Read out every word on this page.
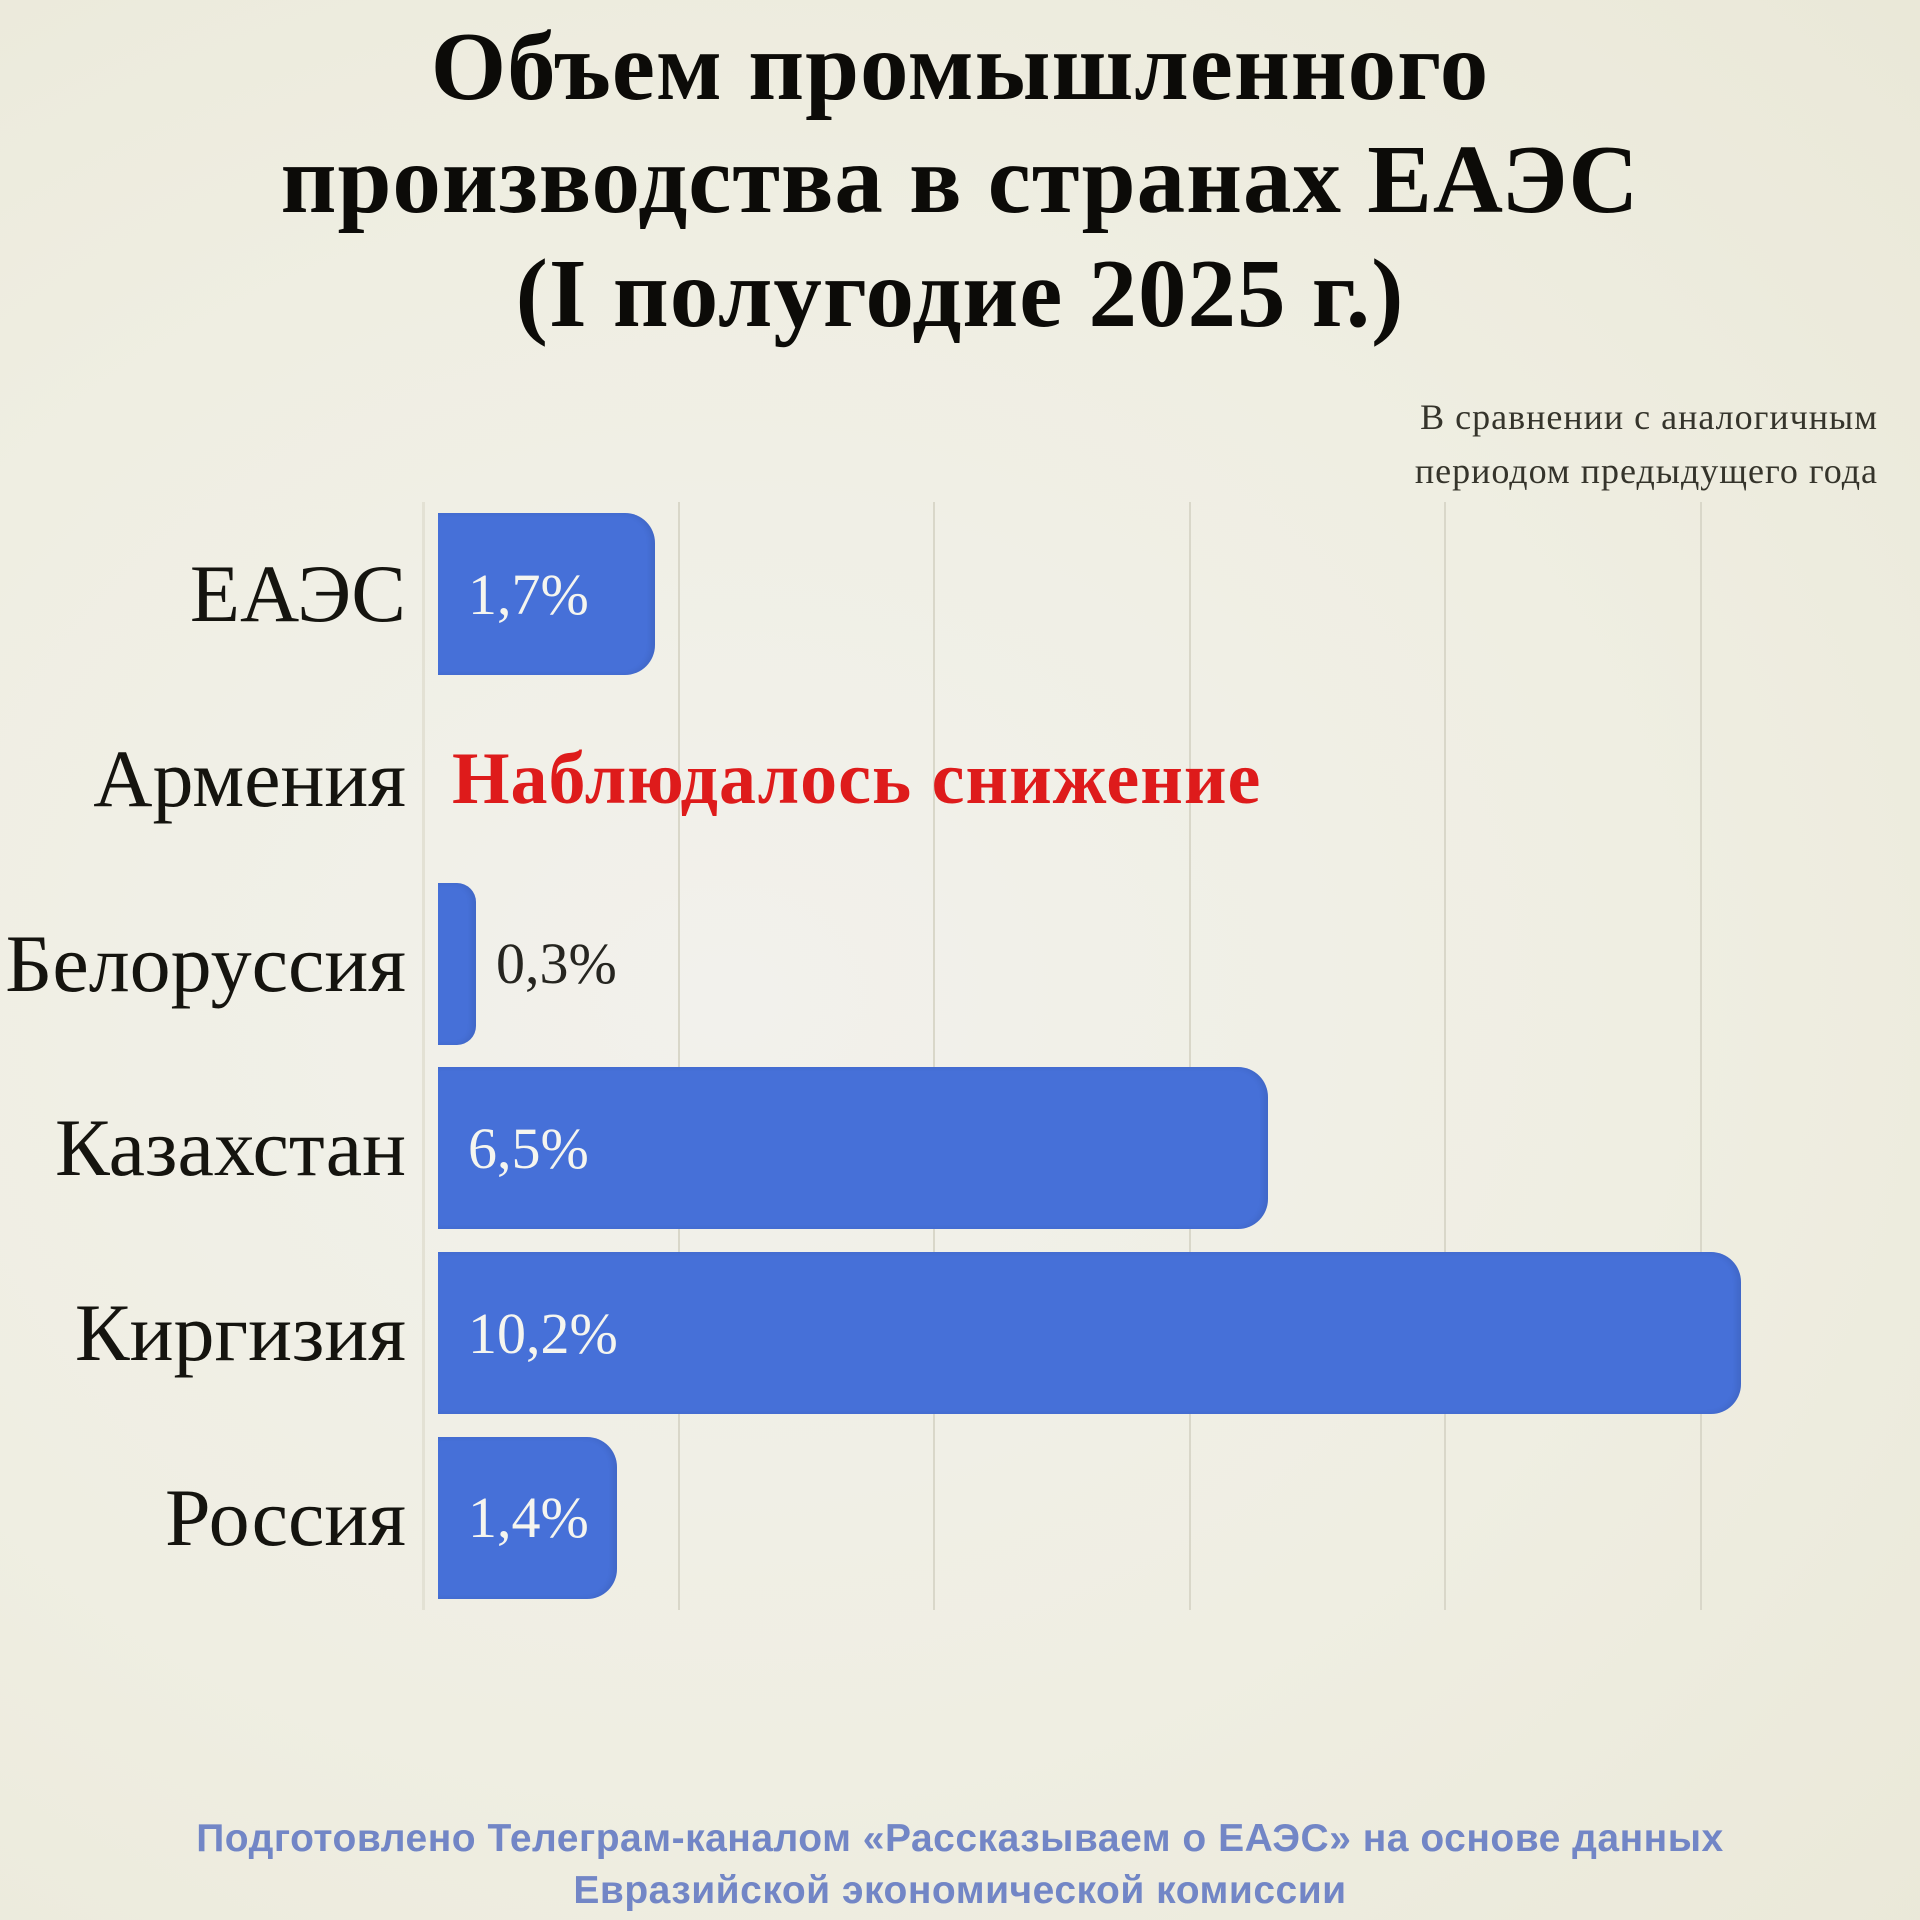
Объем промышленного
производства в странах ЕАЭС
(I полугодие 2025 г.)
В сравнении с аналогичным
периодом предыдущего года
ЕАЭС	1,7%
Армения Наблюдалось снижение
Белоруссия 0,3%
Казахстан	6,5%
Киргизия	10,2%
Россия	1,4%
Подготовлено Телеграм-каналом «Рассказываем о ЕАЭС» на основе данных
Евразийской экономической комиссии
